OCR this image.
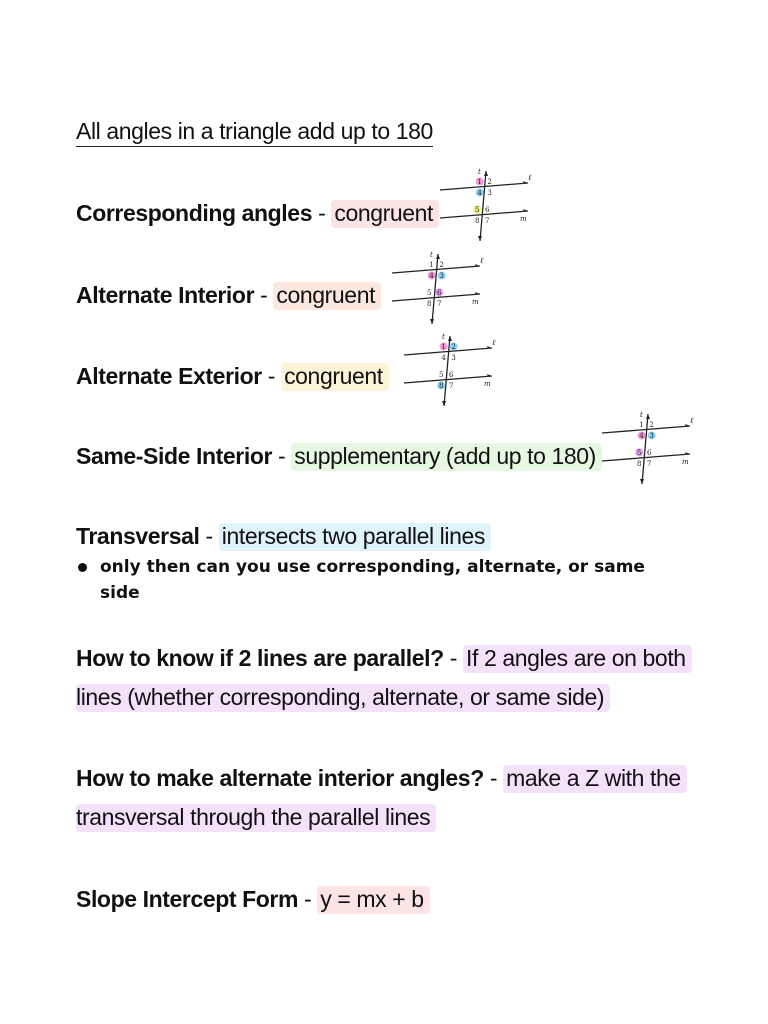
All angles in a triangle add up to 180
Corresponding angles - congruent
Alternate Interior - congruent
Alternate Exterior - congruent
Same-Side Interior - supplementary (add up to 180)
Transversal - intersects two parallel lines
only then can you use corresponding, alternate, or same side
How to know if 2 lines are parallel? - If 2 angles are on both
lines (whether corresponding, alternate, or same side)
How to make alternate interior angles? - make a Z with the
transversal through the parallel lines
Slope Intercept Form - y = mx + b
t
ℓ
m
1 2
4 3
5 6
8 7
t
ℓ
m
1 2
4 3
5 6
8 7
t
ℓ
m
1 2
4 3
5 6
8 7
t
ℓ
m
1 2
4 3
5 6
8 7
